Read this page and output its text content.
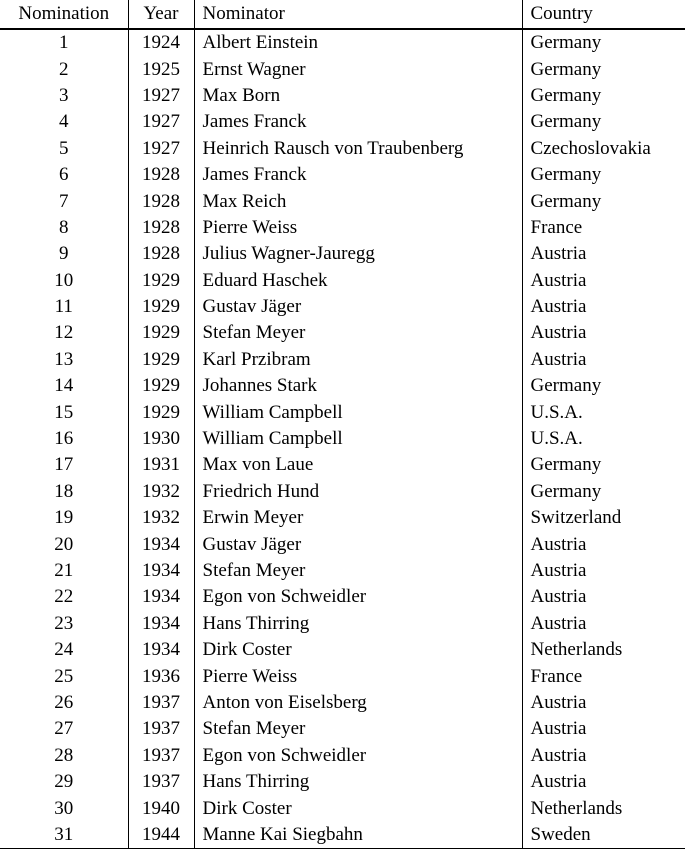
Nomination	Year	Nominator	Country
1	1924	Albert Einstein	Germany
2	1925	Ernst Wagner	Germany
3	1927	Max Born	Germany
4	1927	James Franck	Germany
5	1927	Heinrich Rausch von Traubenberg	Czechoslovakia
6	1928	James Franck	Germany
7	1928	Max Reich	Germany
8	1928	Pierre Weiss	France
9	1928	Julius Wagner-Jauregg	Austria
10	1929	Eduard Haschek	Austria
11	1929	Gustav Jäger	Austria
12	1929	Stefan Meyer	Austria
13	1929	Karl Przibram	Austria
14	1929	Johannes Stark	Germany
15	1929	William Campbell	U.S.A.
16	1930	William Campbell	U.S.A.
17	1931	Max von Laue	Germany
18	1932	Friedrich Hund	Germany
19	1932	Erwin Meyer	Switzerland
20	1934	Gustav Jäger	Austria
21	1934	Stefan Meyer	Austria
22	1934	Egon von Schweidler	Austria
23	1934	Hans Thirring	Austria
24	1934	Dirk Coster	Netherlands
25	1936	Pierre Weiss	France
26	1937	Anton von Eiselsberg	Austria
27	1937	Stefan Meyer	Austria
28	1937	Egon von Schweidler	Austria
29	1937	Hans Thirring	Austria
30	1940	Dirk Coster	Netherlands
31	1944	Manne Kai Siegbahn	Sweden
